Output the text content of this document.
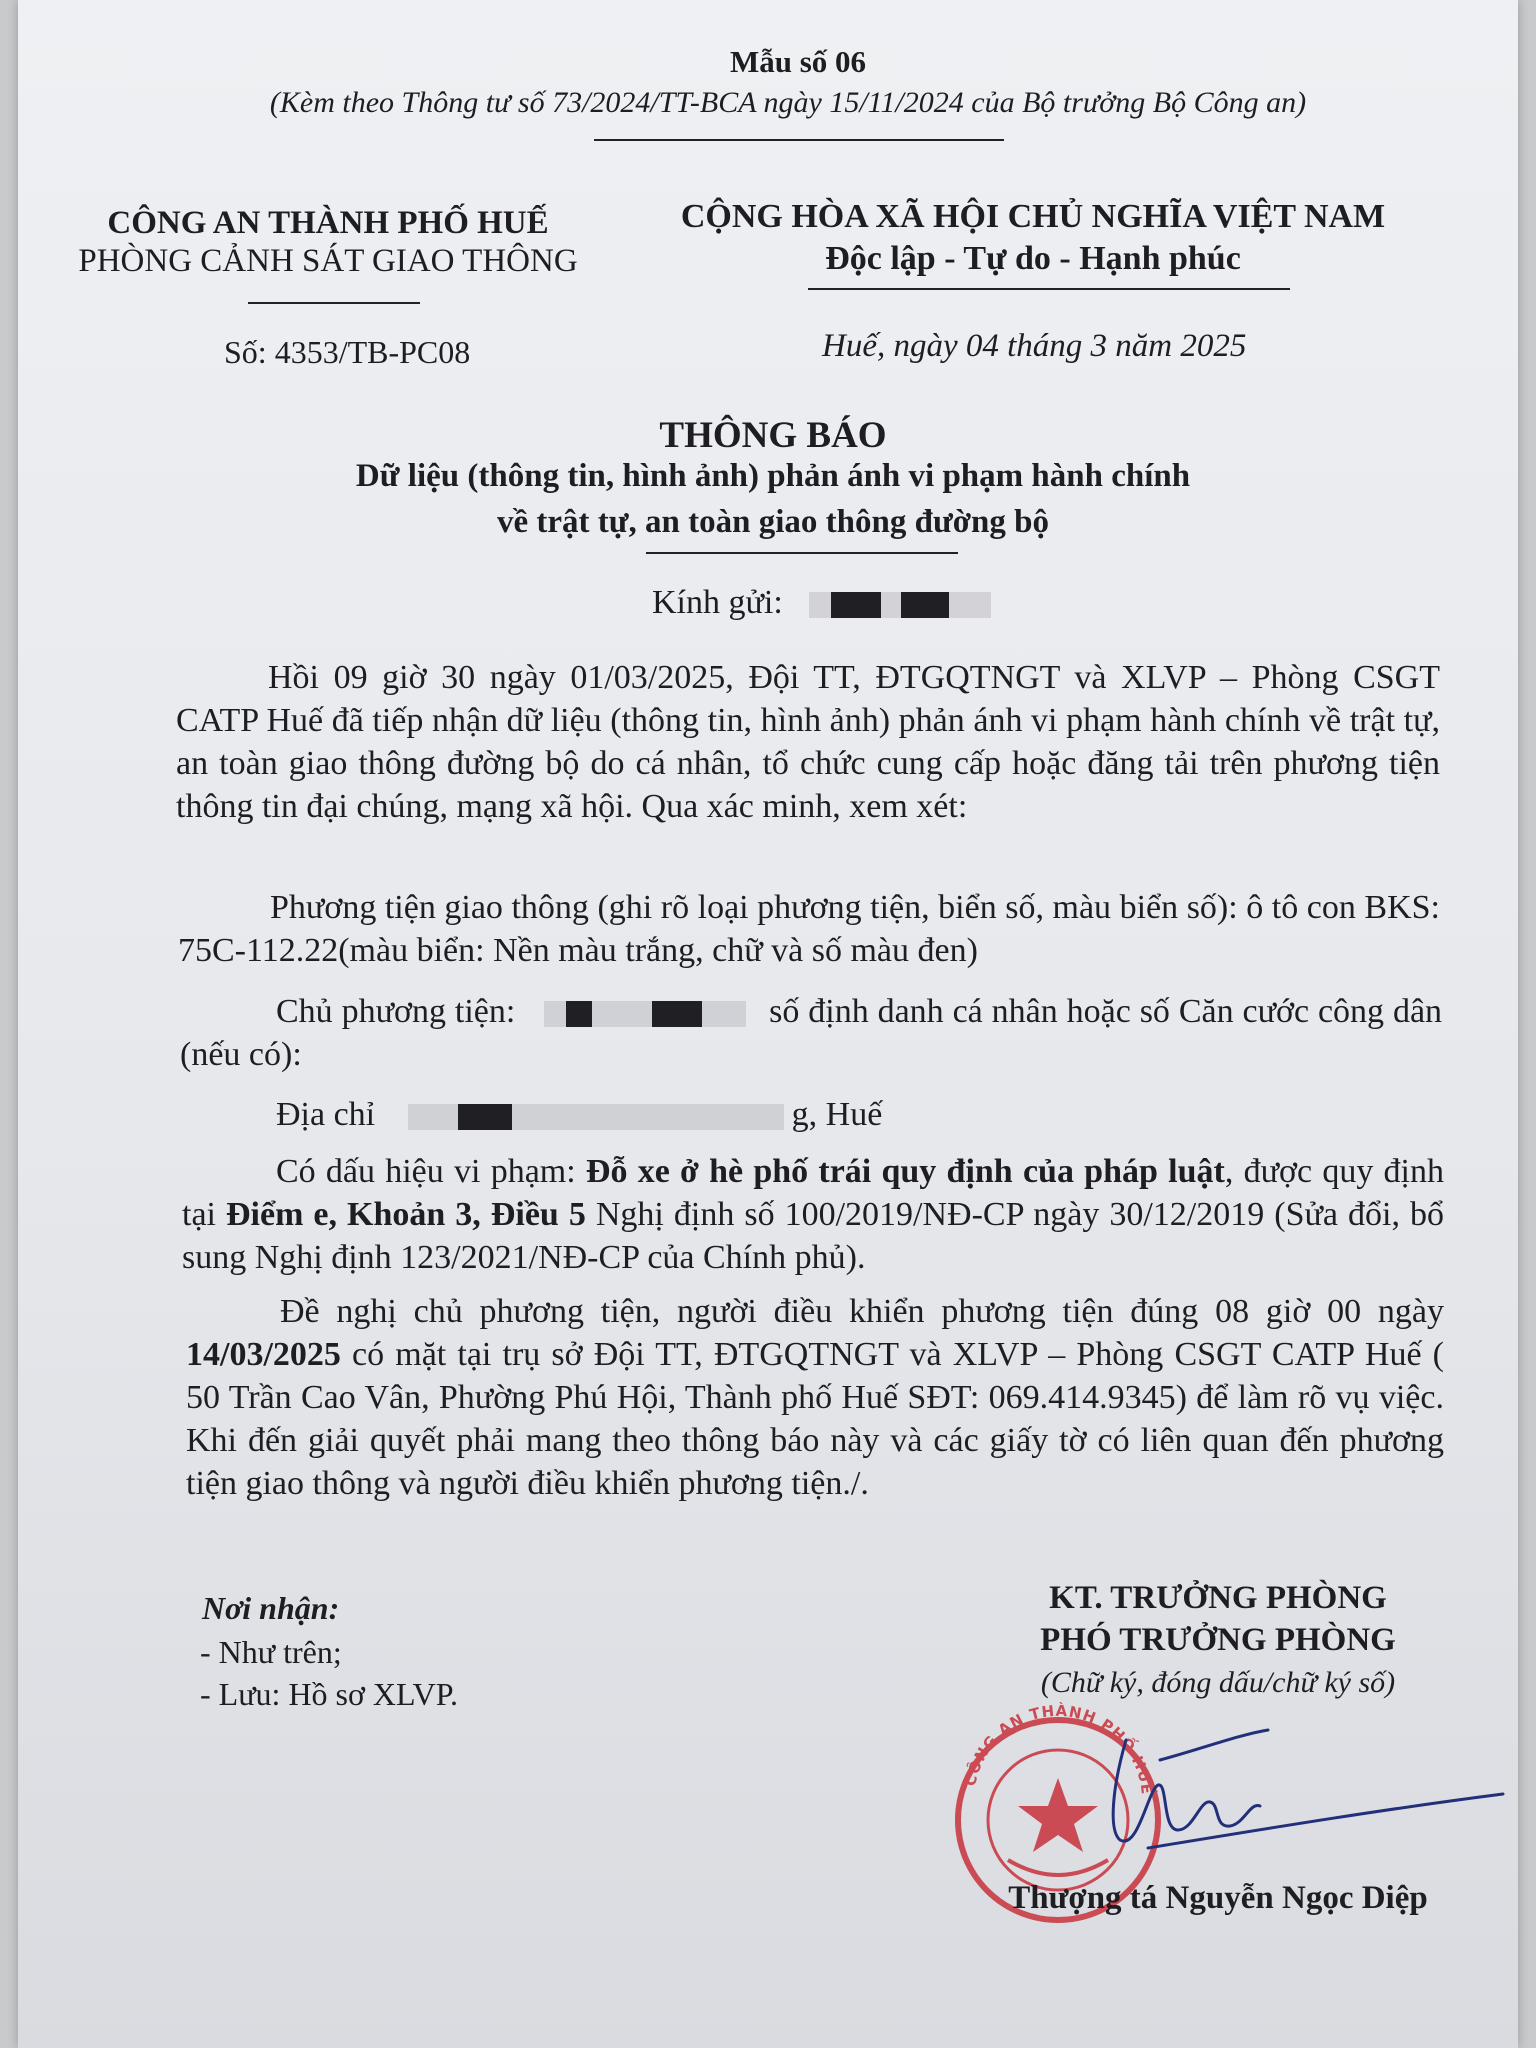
Mẫu số 06
(Kèm theo Thông tư số 73/2024/TT-BCA ngày 15/11/2024 của Bộ trưởng Bộ Công an)
CÔNG AN THÀNH PHỐ HUẾ
PHÒNG CẢNH SÁT GIAO THÔNG
Số: 4353/TB-PC08
CỘNG HÒA XÃ HỘI CHỦ NGHĨA VIỆT NAM
Độc lập - Tự do - Hạnh phúc
Huế, ngày 04 tháng 3 năm 2025
THÔNG BÁO
Dữ liệu (thông tin, hình ảnh) phản ánh vi phạm hành chính
về trật tự, an toàn giao thông đường bộ
Kính gửi:

Hồi 09 giờ 30 ngày 01/03/2025, Đội TT, ĐTGQTNGT và XLVP – Phòng CSGT CATP Huế đã tiếp nhận dữ liệu (thông tin, hình ảnh) phản ánh vi phạm hành chính về trật tự, an toàn giao thông đường bộ do cá nhân, tổ chức cung cấp hoặc đăng tải trên phương tiện thông tin đại chúng, mạng xã hội. Qua xác minh, xem xét:

Phương tiện giao thông (ghi rõ loại phương tiện, biển số, màu biển số): ô tô con BKS: 75C-112.22(màu biển: Nền màu trắng, chữ và số màu đen)

Chủ phương tiện:	số định danh cá nhân hoặc số Căn cước công dân (nếu có):

Địa chỉ	g, Huế

Có dấu hiệu vi phạm: Đỗ xe ở hè phố trái quy định của pháp luật, được quy định tại Điểm e, Khoản 3, Điều 5 Nghị định số 100/2019/NĐ-CP ngày 30/12/2019 (Sửa đổi, bổ sung Nghị định 123/2021/NĐ-CP của Chính phủ).

Đề nghị chủ phương tiện, người điều khiển phương tiện đúng 08 giờ 00 ngày 14/03/2025 có mặt tại trụ sở Đội TT, ĐTGQTNGT và XLVP – Phòng CSGT CATP Huế ( 50 Trần Cao Vân, Phường Phú Hội, Thành phố Huế SĐT: 069.414.9345) để làm rõ vụ việc. Khi đến giải quyết phải mang theo thông báo này và các giấy tờ có liên quan đến phương tiện giao thông và người điều khiển phương tiện./.

Nơi nhận:
- Như trên;
- Lưu: Hồ sơ XLVP.
KT. TRƯỞNG PHÒNG
PHÓ TRƯỞNG PHÒNG
(Chữ ký, đóng dấu/chữ ký số)
CÔNG AN THÀNH PHỐ HUẾ
Thượng tá Nguyễn Ngọc Diệp
